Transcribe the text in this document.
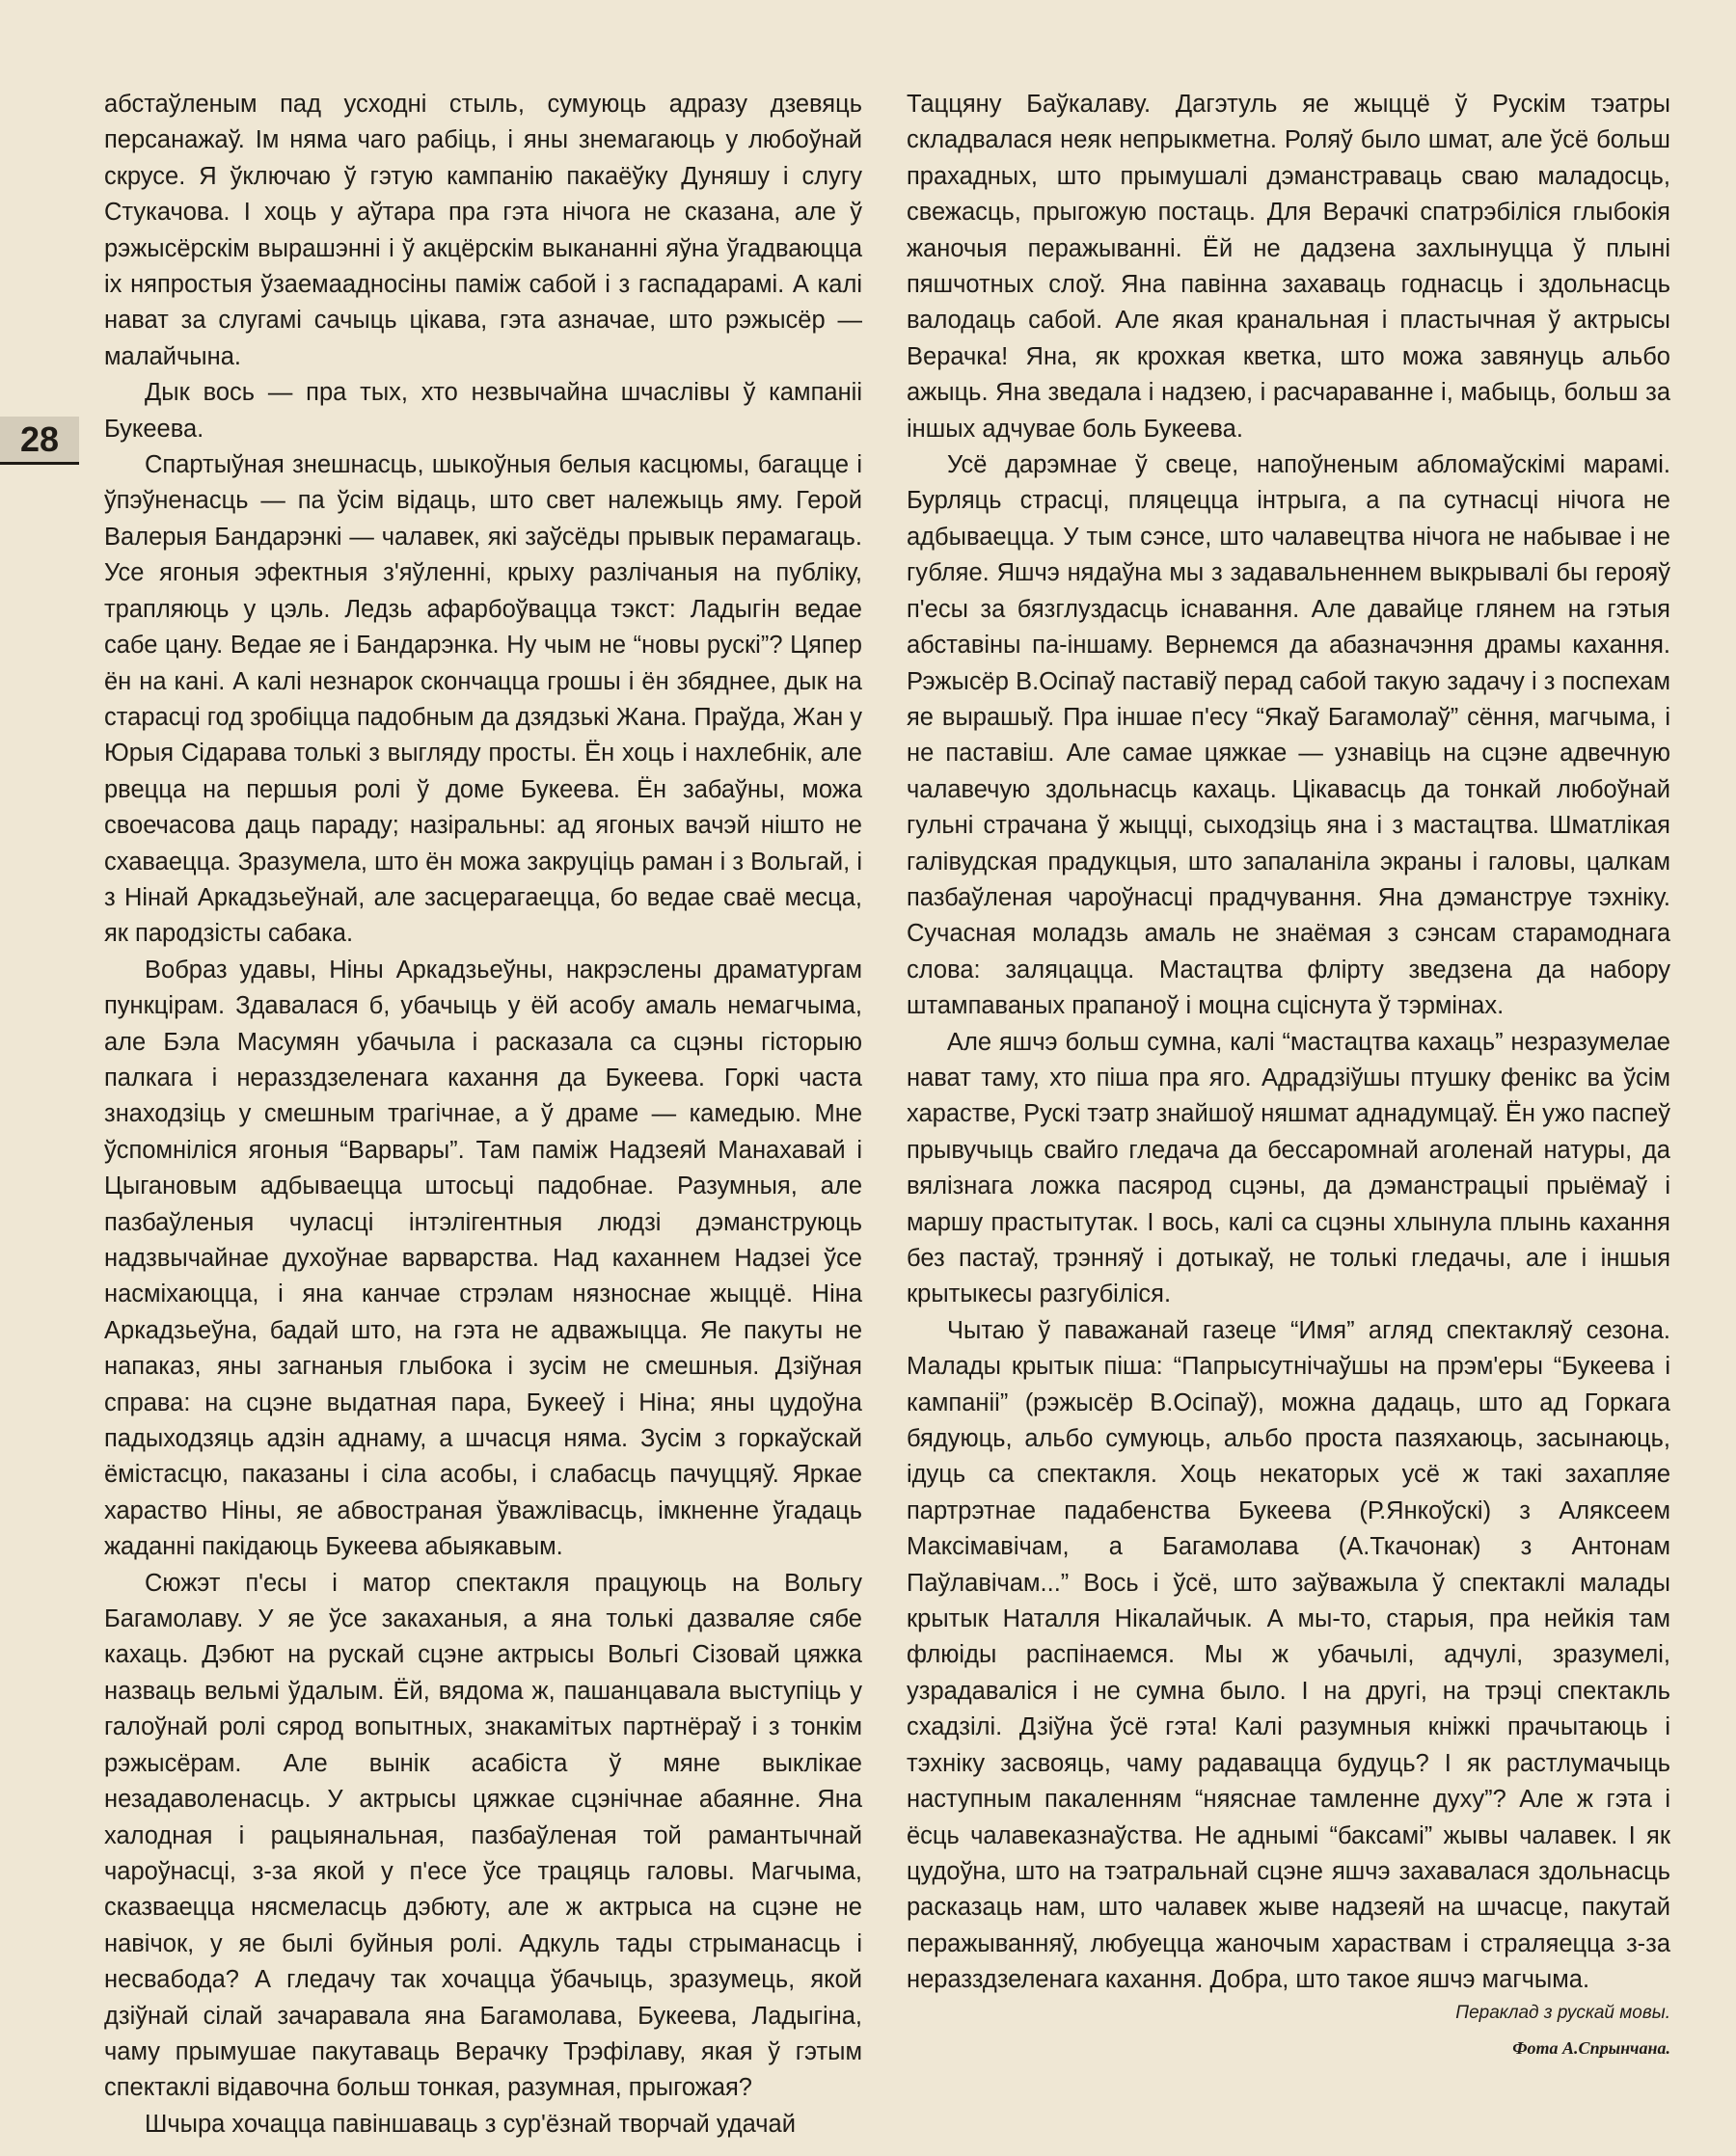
28

абстаўленым пад усходні стыль, сумуюць адразу дзевяць персанажаў. Ім няма чаго рабіць, і яны знемагаюць у любоўнай скрусе. Я ўключаю ў гэтую кампанію пакаёўку Дуняшу і слугу Стукачова. І хоць у аўтара пра гэта нічога не сказана, але ў рэжысёрскім вырашэнні і ў акцёрскім выкананні яўна ўгадваюцца іх няпростыя ўзаемаадносіны паміж сабой і з гаспадарамі. А калі нават за слугамі сачыць цікава, гэта азначае, што рэжысёр — малайчына.

Дык вось — пра тых, хто незвычайна шчаслівы ў кампаніі Букеева.

Спартыўная знешнасць, шыкоўныя белыя касцюмы, багацце і ўпэўненасць — па ўсім відаць, што свет належыць яму. Герой Валерыя Бандарэнкі — чалавек, які заўсёды прывык перамагаць. Усе ягоныя эфектныя з'яўленні, крыху разлічаныя на публіку, трапляюць у цэль. Ледзь афарбоўвацца тэкст: Ладыгін ведае сабе цану. Ведае яе і Бандарэнка. Ну чым не “новы рускі”? Цяпер ён на кані. А калі незнарок скончацца грошы і ён збяднее, дык на старасці год зробіцца падобным да дзядзькі Жана. Праўда, Жан у Юрыя Сідарава толькі з выгляду просты. Ён хоць і нахлебнік, але рвецца на першыя ролі ў доме Букеева. Ён забаўны, можа своечасова даць параду; назіральны: ад ягоных вачэй нішто не схаваецца. Зразумела, што ён можа закруціць раман і з Вольгай, і з Нінай Аркадзьеўнай, але засцерагаецца, бо ведае сваё месца, як пародзісты сабака.

Вобраз удавы, Ніны Аркадзьеўны, накрэслены драматургам пункцірам. Здавалася б, убачыць у ёй асобу амаль немагчыма, але Бэла Масумян убачыла і расказала са сцэны гісторыю палкага і неразздзеленага кахання да Букеева. Горкі часта знаходзіць у смешным трагічнае, а ў драме — камедыю. Мне ўспомніліся ягоныя “Варвары”. Там паміж Надзеяй Манахавай і Цыгановым адбываецца штосьці падобнае. Разумныя, але пазбаўленыя чуласці інтэлігентныя людзі дэманструюць надзвычайнае духоўнае варварства. Над каханнем Надзеі ўсе насміхаюцца, і яна канчае стрэлам нязноснае жыццё. Ніна Аркадзьеўна, бадай што, на гэта не адважыцца. Яе пакуты не напаказ, яны загнаныя глыбока і зусім не смешныя. Дзіўная справа: на сцэне выдатная пара, Букееў і Ніна; яны цудоўна падыходзяць адзін аднаму, а шчасця няма. Зусім з горкаўскай ёмістасцю, паказаны і сіла асобы, і слабасць пачуццяў. Яркае харaство Ніны, яе абвостраная ўважлівасць, імкненне ўгадаць жаданні пакідаюць Букеева абыякавым.

Сюжэт п'есы і матор спектакля працуюць на Вольгу Багамолаву. У яе ўсе закаханыя, а яна толькі дазваляе сябе кахаць. Дэбют на рускай сцэне актрысы Вольгі Сізовай цяжка назваць вельмі ўдалым. Ёй, вядома ж, пашанцавала выступіць у галоўнай ролі сярод вопытных, знакамітых партнёраў і з тонкім рэжысёрам. Але вынік асабіста ў мяне выклікае незадаволенасць. У актрысы цяжкае сцэнічнае абаянне. Яна халодная і рацыянальная, пазбаўленая той рамантычнай чароўнасці, з-за якой у п'есе ўсе трацяць галовы. Магчыма, сказваецца нясмеласць дэбюту, але ж актрыса на сцэне не навічок, у яе былі буйныя ролі. Адкуль тады стрыманасць і несвабода? А гледачу так хочацца ўбачыць, зразумець, якой дзіўнай сілай зачаравала яна Багамолава, Букеева, Ладыгіна, чаму прымушае пакутаваць Верачку Трэфілаву, якая ў гэтым спектаклі відавочна больш тонкая, разумная, прыгожая?

Шчыра хочацца павіншаваць з сур'ёзнай творчай удачай

Таццяну Баўкалаву. Дагэтуль яе жыццё ў Рускім тэатры складвалася неяк непрыкметна. Роляў было шмат, але ўсё больш прахадных, што прымушалі дэманстраваць сваю маладосць, свежасць, прыгожую постаць. Для Верачкі спатрэбіліся глыбокія жаночыя перажыванні. Ёй не дадзена захлынуцца ў плыні пяшчотных слоў. Яна павінна захаваць годнасць і здольнасць валодаць сабой. Але якая кранальная і пластычная ў актрысы Верачка! Яна, як крохкая кветка, што можа завянуць альбо ажыць. Яна зведала і надзею, і расчараванне і, мабыць, больш за іншых адчувае боль Букеева.

Усё дарэмнае ў свеце, напоўненым абломаўскімі марамі. Бурляць страсці, пляцецца інтрыга, а па сутнасці нічога не адбываецца. У тым сэнсе, што чалавецтва нічога не набывае і не губляе. Яшчэ нядаўна мы з задавальненнем выкрывалі бы герояў п'есы за бязглуздасць існавання. Але давайце глянем на гэтыя абставіны па-іншаму. Вернемся да абазначэння драмы кахання. Рэжысёр В.Осіпаў паставіў перад сабой такую задачу і з поспехам яе вырашыў. Пра іншае п'есу “Якаў Багамолаў” сёння, магчыма, і не паставіш. Але самае цяжкае — узнавіць на сцэне адвечную чалавечую здольнасць кахаць. Цікавасць да тонкай любоўнай гульні страчана ў жыцці, сыходзіць яна і з мастацтва. Шматлікая галівудская прадукцыя, што запаланіла экраны і галовы, цалкам пазбаўленая чароўнасці прадчування. Яна дэманструе тэхніку. Сучасная моладзь амаль не знаёмая з сэнсам старамоднага слова: заляцацца. Мастацтва флірту зведзена да набору штампаваных прапаноў і моцна сціснута ў тэрмінах.

Але яшчэ больш сумна, калі “мастацтва кахаць” незразумелае нават таму, хто піша пра яго. Адрадзіўшы птушку фенікс ва ўсім хараcтве, Рускі тэатр знайшоў няшмат аднадумцаў. Ён ужо паспеў прывучыць свайго гледача да бессаромнай аголенай натуры, да вялізнага ложка пасярод сцэны, да дэманстрацыі прыёмаў і маршу прастытутак. І вось, калі са сцэны хлынула плынь кахання без пастаў, трэнняў і дотыкаў, не толькі гледачы, але і іншыя крытыкесы разгубіліся.

Чытаю ў паважанай газеце “Имя” агляд спектакляў сезона. Малады крытык піша: “Папрысутнічаўшы на прэм'еры “Букеева і кампаніі” (рэжысёр В.Осіпаў), можна дадаць, што ад Горкага бядуюць, альбо сумуюць, альбо проста пазяхаюць, засынаюць, ідуць са спектакля. Хоць некаторых усё ж такі захапляе партрэтнае падабенства Букеева (Р.Янкоўскі) з Аляксеем Максімавічам, а Багамолава (А.Ткачонак) з Антонам Паўлавічам...” Вось і ўсё, што заўважыла ў спектаклі малады крытык Наталля Нікалайчык. А мы-то, старыя, пра нейкія там флюіды распінаемся. Мы ж убачылі, адчулі, зразумелі, узрадаваліся і не сумна было. І на другі, на трэці спектакль схадзілі. Дзіўна ўсё гэта! Калі разумныя кніжкі прачытаюць і тэхніку засвояць, чаму радавацца будуць? І як растлумачыць наступным пакаленням “няяснае тамленне духу”? Але ж гэта і ёсць чалавеказнаўства. Не аднымі “баксамі” жывы чалавек. І як цудоўна, што на тэатральнай сцэне яшчэ захавалася здольнасць расказаць нам, што чалавек жыве надзеяй на шчасце, пакутай перажыванняў, любуецца жаночым хараcтвам і страляецца з-за неразздзеленага кахання. Добра, што такое яшчэ магчыма.

Пераклад з рускай мовы.
Фота А.Спрынчана.
